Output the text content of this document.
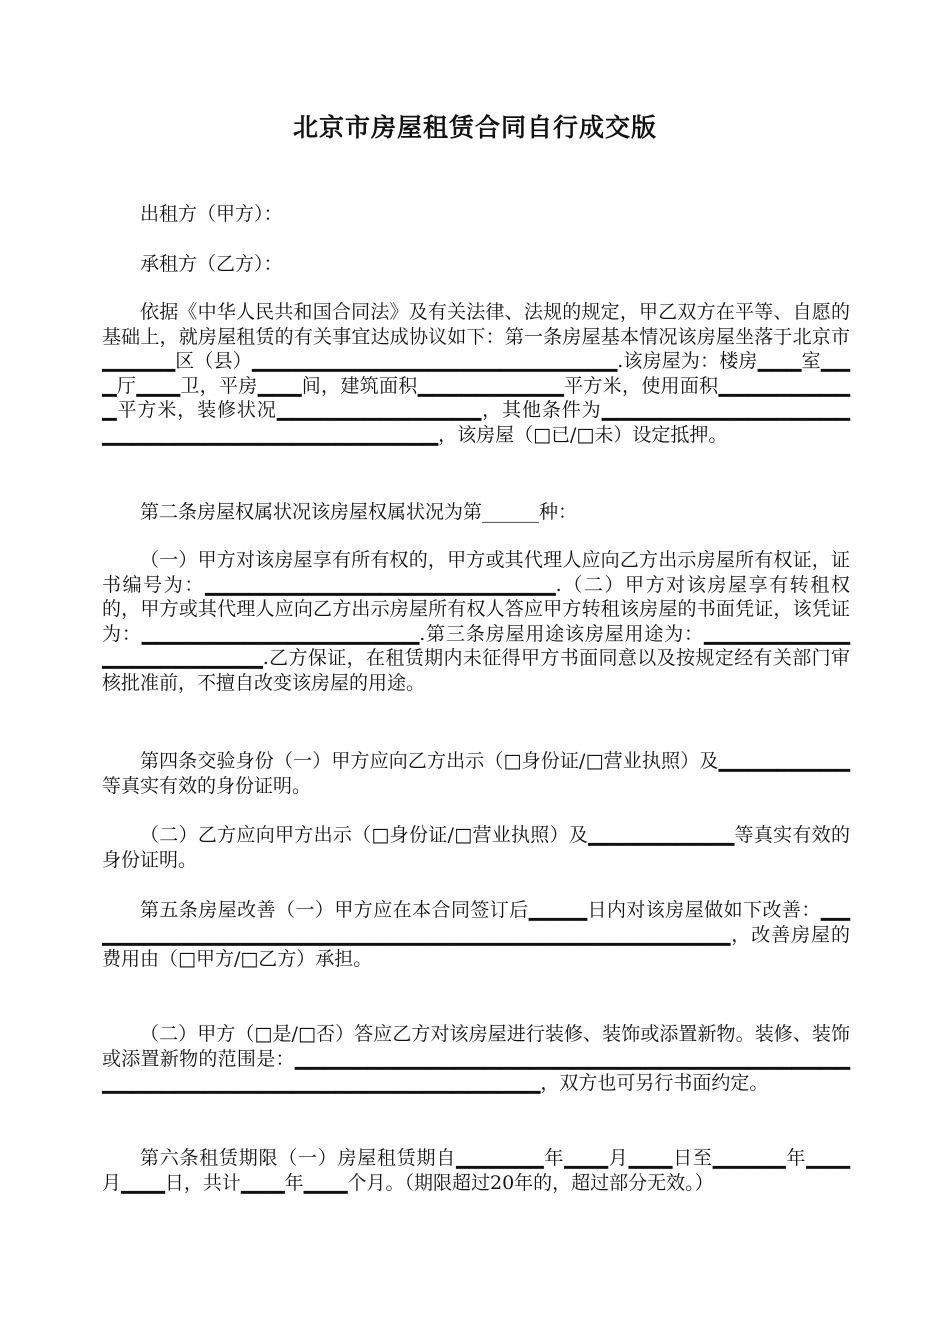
北京市房屋租赁合同自行成交版
出租方（甲方）：
承租方（乙方）：
依据《中华人民共和国合同法》及有关法律、法规的规定，甲乙双方在平等、自愿的基础上，就房屋租赁的有关事宜达成协议如下：第一条房屋基本情况该房屋坐落于北京市▁▁▁▁▁区（县）▁▁▁▁▁▁▁▁▁▁▁▁▁▁▁▁▁▁▁▁▁▁▁▁▁.该房屋为：楼房▁▁▁室▁▁▁厅▁▁▁卫，平房▁▁▁间，建筑面积▁▁▁▁▁▁▁▁▁▁平方米，使用面积▁▁▁▁▁▁▁▁▁▁平方米，装修状况▁▁▁▁▁▁▁▁▁▁▁▁▁▁，其他条件为▁▁▁▁▁▁▁▁▁▁▁▁▁▁▁▁▁▁▁▁▁▁▁▁▁▁▁▁▁▁▁▁▁▁▁▁▁▁▁▁，该房屋（□已/□未）设定抵押。
第二条房屋权属状况该房屋权属状况为第______种：
（一）甲方对该房屋享有所有权的，甲方或其代理人应向乙方出示房屋所有权证，证书编号为：▁▁▁▁▁▁▁▁▁▁▁▁▁▁▁▁▁▁▁▁▁▁▁▁.（二）甲方对该房屋享有转租权的，甲方或其代理人应向乙方出示房屋所有权人答应甲方转租该房屋的书面凭证，该凭证为：▁▁▁▁▁▁▁▁▁▁▁▁▁▁▁▁▁▁▁.第三条房屋用途该房屋用途为：▁▁▁▁▁▁▁▁▁▁▁▁▁▁▁▁▁▁▁▁▁.乙方保证，在租赁期内未征得甲方书面同意以及按规定经有关部门审核批准前，不擅自改变该房屋的用途。
第四条交验身份（一）甲方应向乙方出示（□身份证/□营业执照）及▁▁▁▁▁▁▁▁▁等真实有效的身份证明。
（二）乙方应向甲方出示（□身份证/□营业执照）及▁▁▁▁▁▁▁▁▁▁等真实有效的身份证明。
第五条房屋改善（一）甲方应在本合同签订后▁▁▁▁日内对该房屋做如下改善：▁▁▁▁▁▁▁▁▁▁▁▁▁▁▁▁▁▁▁▁▁▁▁▁▁▁▁▁▁▁▁▁▁▁▁▁▁▁▁▁▁▁▁▁▁，改善房屋的费用由（□甲方/□乙方）承担。
（二）甲方（□是/□否）答应乙方对该房屋进行装修、装饰或添置新物。装修、装饰或添置新物的范围是：▁▁▁▁▁▁▁▁▁▁▁▁▁▁▁▁▁▁▁▁▁▁▁▁▁▁▁▁▁▁▁▁▁▁▁▁▁▁▁▁▁▁▁▁▁▁▁▁▁▁▁▁▁▁▁▁▁▁▁▁▁▁▁▁▁▁▁▁，双方也可另行书面约定。
第六条租赁期限（一）房屋租赁期自▁▁▁▁▁▁年▁▁▁月▁▁▁日至▁▁▁▁▁年▁▁▁月▁▁▁日，共计▁▁▁年▁▁▁个月。（期限超过20年的，超过部分无效。）
